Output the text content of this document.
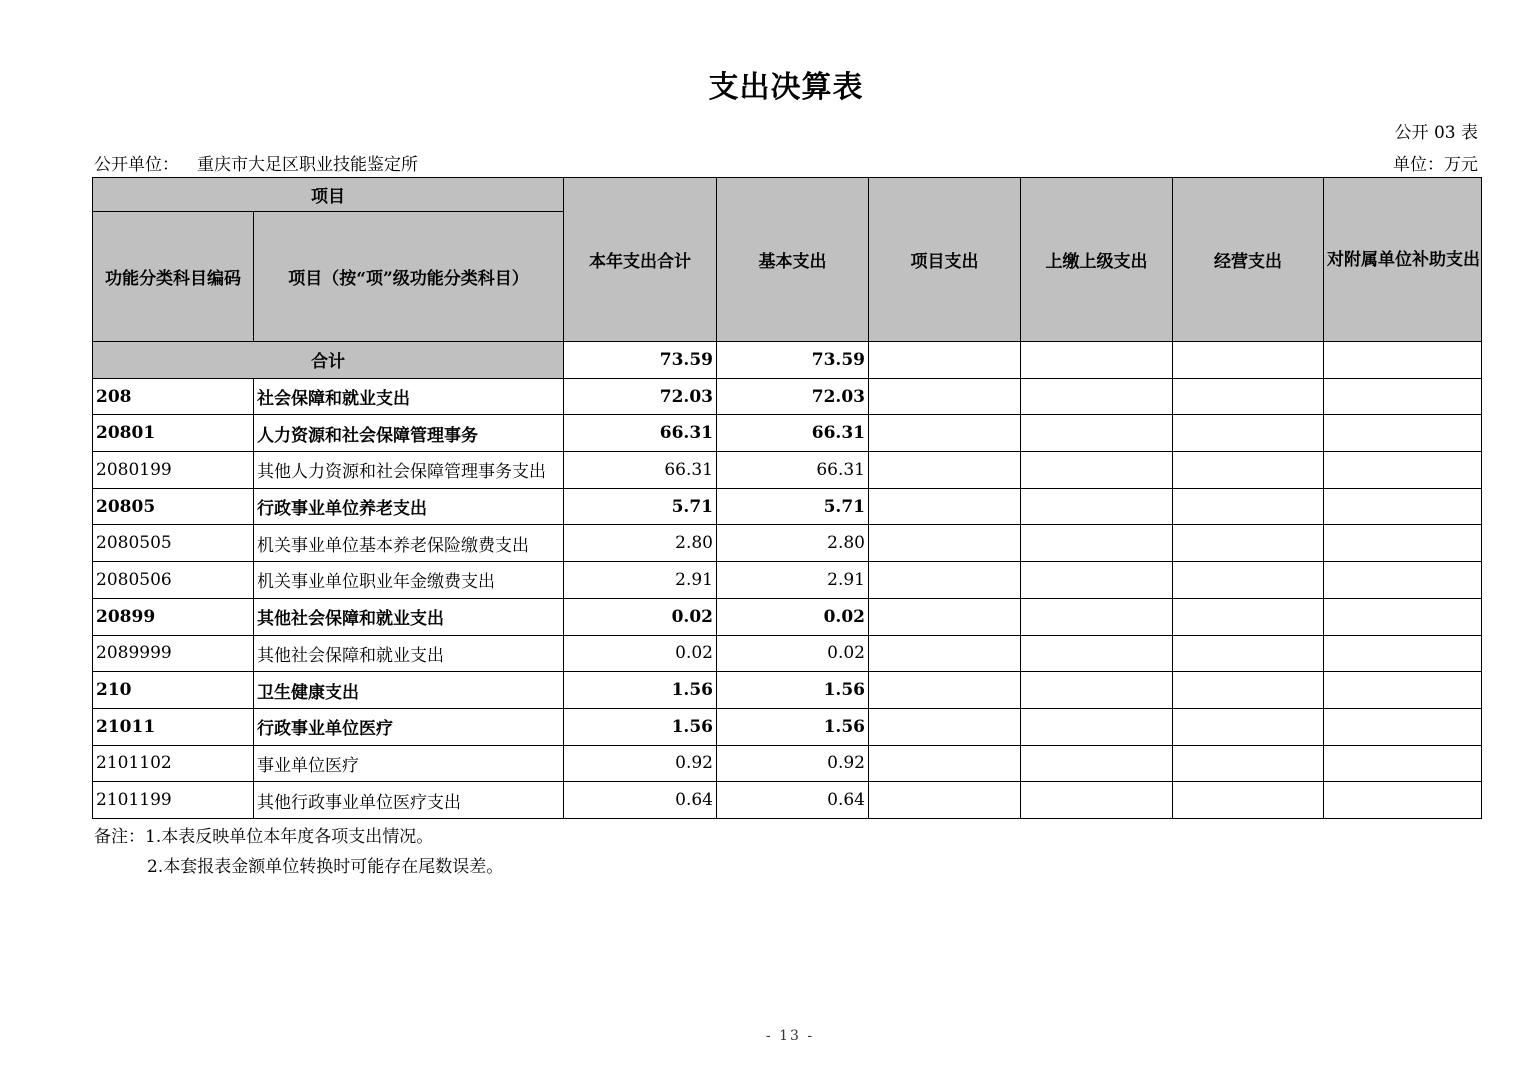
支出决算表
公开 03 表
公开单位： 重庆市大足区职业技能鉴定所	单位：万元
项目		本年支出合计	基本支出	项目支出	上缴上级支出	经营支出	对附属单位补助支出
功能分类科目编码	项目（按“项”级功能分类科目）						
合计		73.59	73.59				
208	社会保障和就业支出	72.03	72.03				
20801	人力资源和社会保障管理事务	66.31	66.31				
2080199	其他人力资源和社会保障管理事务支出	66.31	66.31				
20805	行政事业单位养老支出	5.71	5.71				
2080505	机关事业单位基本养老保险缴费支出	2.80	2.80				
2080506	机关事业单位职业年金缴费支出	2.91	2.91				
20899	其他社会保障和就业支出	0.02	0.02				
2089999	其他社会保障和就业支出	0.02	0.02				
210	卫生健康支出	1.56	1.56				
21011	行政事业单位医疗	1.56	1.56				
2101102	事业单位医疗	0.92	0.92				
2101199	其他行政事业单位医疗支出	0.64	0.64				
备注：1.本表反映单位本年度各项支出情况。
2.本套报表金额单位转换时可能存在尾数误差。
- 13 -
